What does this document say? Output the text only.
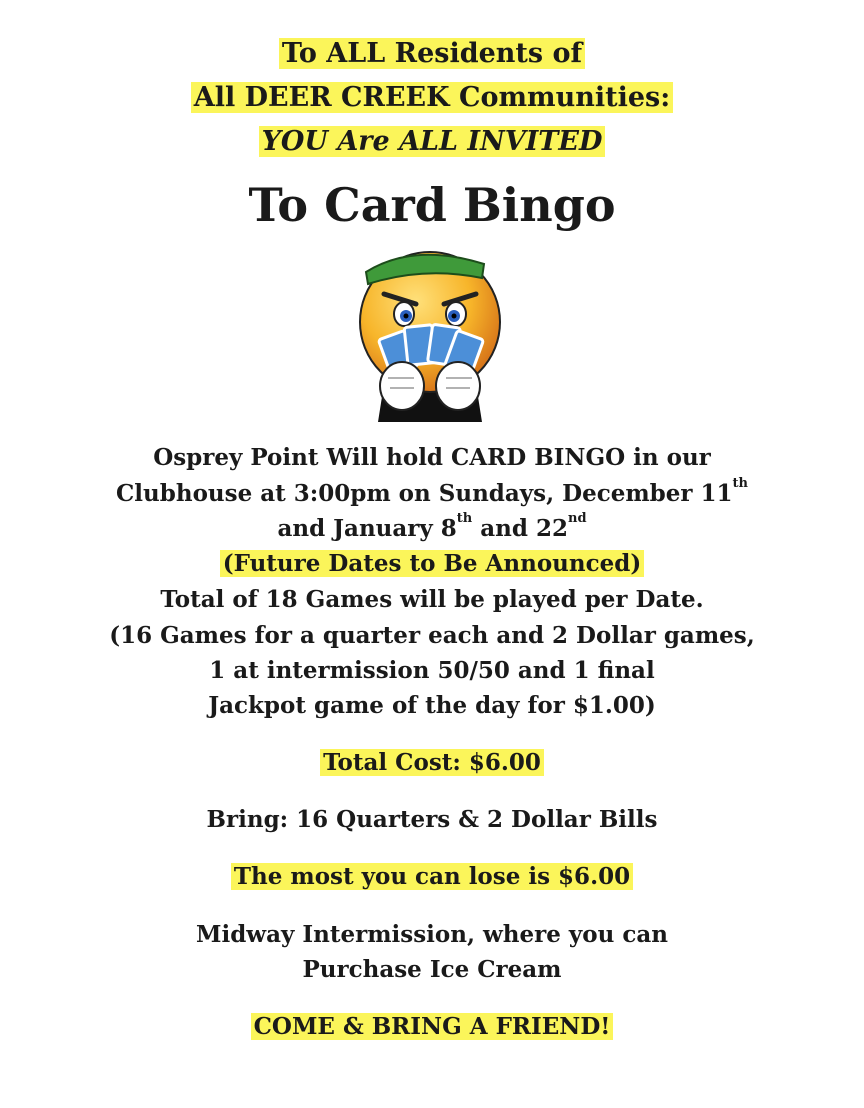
To ALL Residents of
All DEER CREEK Communities:
YOU Are ALL INVITED
To Card Bingo
Osprey Point Will hold CARD BINGO in our
Clubhouse at 3:00pm on Sundays, December 11th
and January 8th and 22nd
(Future Dates to Be Announced)
Total of 18 Games will be played per Date.
(16 Games for a quarter each and 2 Dollar games,
1 at intermission 50/50 and 1 final
Jackpot game of the day for $1.00)
Total Cost: $6.00
Bring: 16 Quarters & 2 Dollar Bills
The most you can lose is $6.00
Midway Intermission, where you can
Purchase Ice Cream
COME & BRING A FRIEND!
